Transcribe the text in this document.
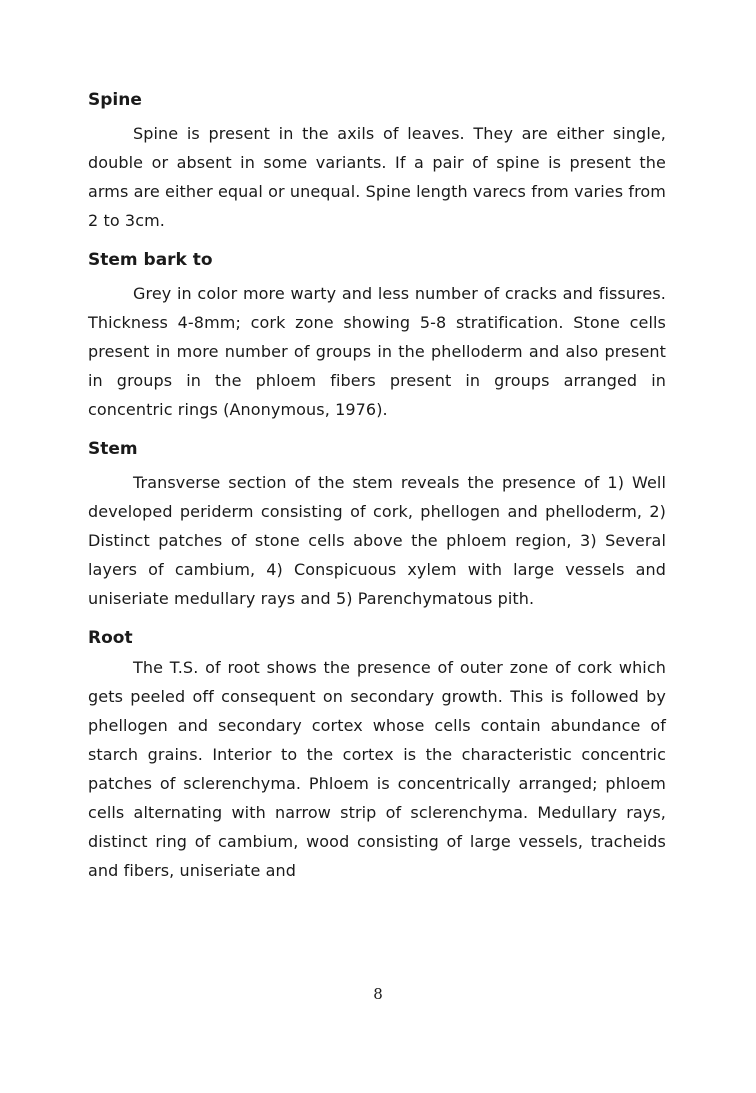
Spine

Spine is present in the axils of leaves. They are either single, double or absent in some variants. If a pair of spine is present the arms are either equal or unequal. Spine length varecs from varies from 2 to 3cm.

Stem bark to

Grey in color more warty and less number of cracks and fissures. Thickness 4-8mm; cork zone showing 5-8 stratification. Stone cells present in more number of groups in the phelloderm and also present in groups in the phloem fibers present in groups arranged in concentric rings (Anonymous, 1976).

Stem

Transverse section of the stem reveals the presence of 1) Well developed periderm consisting of cork, phellogen and phelloderm, 2) Distinct patches of stone cells above the phloem region, 3) Several layers of cambium, 4) Conspicuous xylem with large vessels and uniseriate medullary rays and 5) Parenchymatous pith.

Root

The T.S. of root shows the presence of outer zone of cork which gets peeled off consequent on secondary growth. This is followed by phellogen and secondary cortex whose cells contain abundance of starch grains. Interior to the cortex is the characteristic concentric patches of sclerenchyma. Phloem is concentrically arranged; phloem cells alternating with narrow strip of sclerenchyma. Medullary rays, distinct ring of cambium, wood consisting of large vessels, tracheids and fibers, uniseriate and

8
